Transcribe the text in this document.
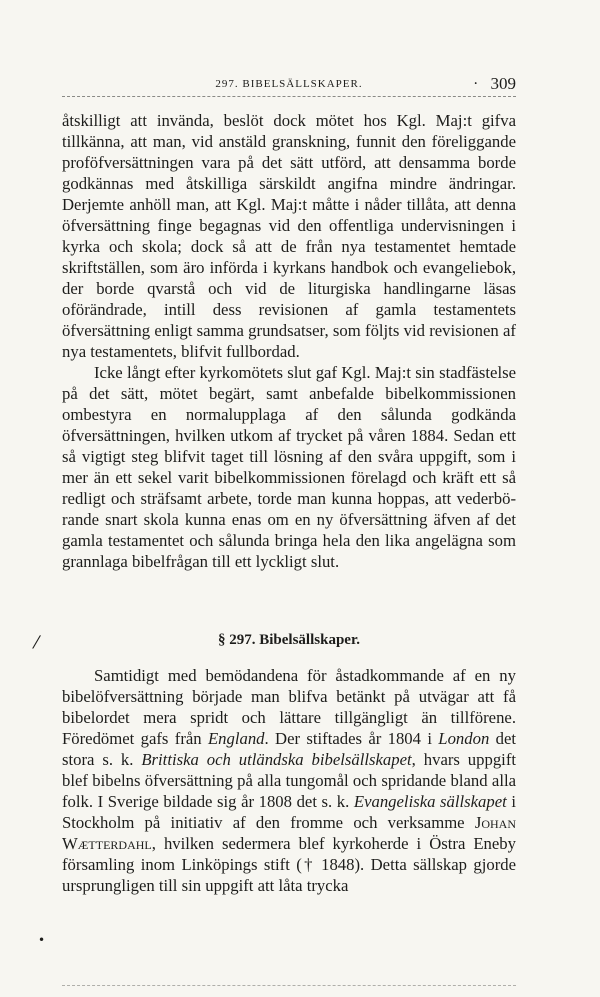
297. BIBELSÄLLSKAPER.	· 309

åtskilligt att invända, beslöt dock mötet hos Kgl. Maj:t gifva tillkänna, att man, vid anstäld granskning, funnit den föreliggande proföfversättningen vara på det sätt utförd, att densamma borde godkännas med åtskilliga särskildt angifna mindre ändringar. Derjemte anhöll man, att Kgl. Maj:t måtte i nåder tillåta, att denna öfversättning finge begagnas vid den offentliga undervisningen i kyrka och skola; dock så att de från nya testamentet hemtade skriftställen, som äro införda i kyrkans handbok och evangeliebok, der borde qvarstå och vid de liturgiska handlingarne läsas oförändrade, intill dess revisionen af gamla testamentets öfversättning enligt samma grundsatser, som följts vid revisionen af nya testamentets, blifvit fullbordad.

Icke långt efter kyrkomötets slut gaf Kgl. Maj:t sin stadfästelse på det sätt, mötet begärt, samt anbefalde bibelkommissionen ombestyra en normalupplaga af den sålunda godkända öfversättningen, hvilken utkom af trycket på våren 1884. Sedan ett så vigtigt steg blifvit taget till lösning af den svåra uppgift, som i mer än ett sekel varit bibelkommissionen förelagd och kräft ett så redligt och sträfsamt arbete, torde man kunna hoppas, att vederbörande snart skola kunna enas om en ny öfversättning äfven af det gamla testamentet och sålunda bringa hela den lika angelägna som grannlaga bibelfrågan till ett lyckligt slut.

/	§ 297. Bibelsällskaper.

Samtidigt med bemödandena för åstadkommande af en ny bibelöfversättning började man blifva betänkt på utvägar att få bibelordet mera spridt och lättare tillgängligt än tillförene. Föredömet gafs från England. Der stiftades år 1804 i London det stora s. k. Brittiska och utländska bibelsällskapet, hvars uppgift blef bibelns öfversättning på alla tungomål och spridande bland alla folk. I Sverige bildade sig år 1808 det s. k. Evangeliska sällskapet i Stockholm på initiativ af den fromme och verksamme Johan Wætterdahl, hvilken sedermera blef kyrkoherde i Östra Eneby församling inom Linköpings stift († 1848). Detta sällskap gjorde ursprungligen till sin uppgift att låta trycka

•
